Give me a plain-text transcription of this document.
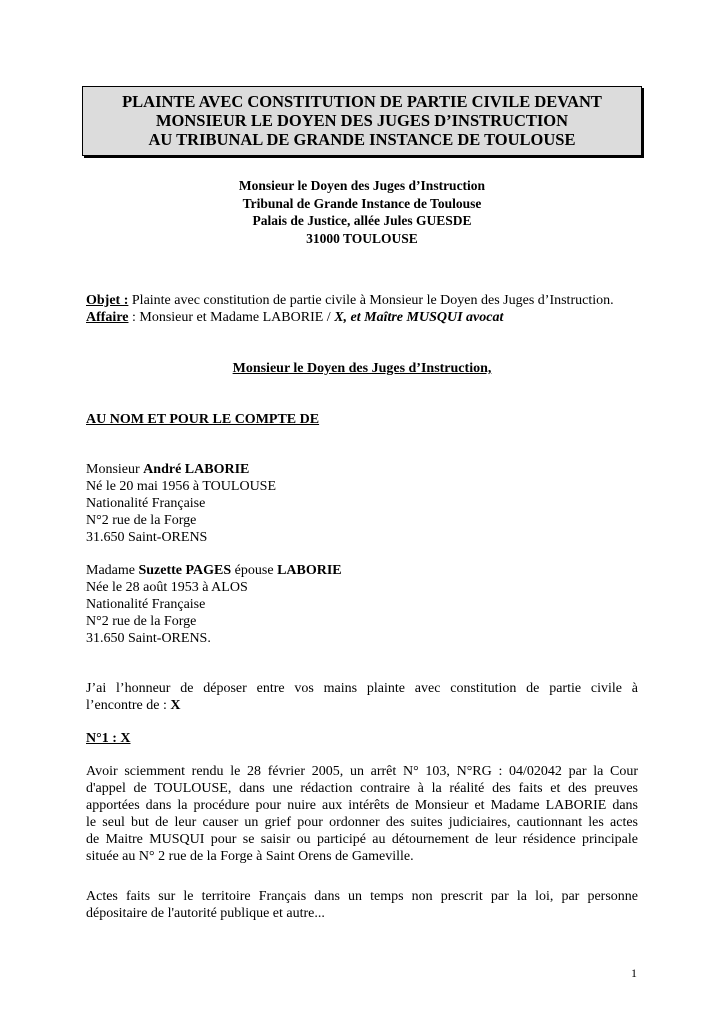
PLAINTE AVEC CONSTITUTION DE PARTIE CIVILE DEVANT
MONSIEUR LE DOYEN DES JUGES D’INSTRUCTION
AU TRIBUNAL DE GRANDE INSTANCE DE TOULOUSE
Monsieur le Doyen des Juges d’Instruction
Tribunal de Grande Instance de Toulouse
Palais de Justice, allée Jules GUESDE
31000 TOULOUSE
Objet : Plainte avec constitution de partie civile à Monsieur le Doyen des Juges d’Instruction.
Affaire : Monsieur et Madame LABORIE / X, et Maître MUSQUI avocat
Monsieur le Doyen des Juges d’Instruction,
AU NOM ET POUR LE COMPTE DE
Monsieur André LABORIE
Né le 20 mai 1956 à TOULOUSE
Nationalité Française
N°2 rue de la Forge
31.650 Saint-ORENS
Madame Suzette PAGES épouse LABORIE
Née le 28 août 1953 à ALOS
Nationalité Française
N°2 rue de la Forge
31.650 Saint-ORENS.
J’ai l’honneur de déposer entre vos mains plainte avec constitution de partie civile à
l’encontre de : X
N°1 : X
Avoir sciemment rendu le 28 février 2005, un arrêt N° 103, N°RG : 04/02042 par la Cour
d'appel de TOULOUSE, dans une rédaction contraire à la réalité des faits et des preuves
apportées dans la procédure pour nuire aux intérêts de Monsieur et Madame LABORIE dans
le seul but de leur causer un grief pour ordonner des suites judiciaires, cautionnant les actes
de Maitre MUSQUI pour se saisir ou participé au détournement de leur résidence principale
située au N° 2 rue de la Forge à Saint Orens de Gameville.
Actes faits sur le territoire Français dans un temps non prescrit par la loi, par personne
dépositaire de l'autorité publique et autre...
1
